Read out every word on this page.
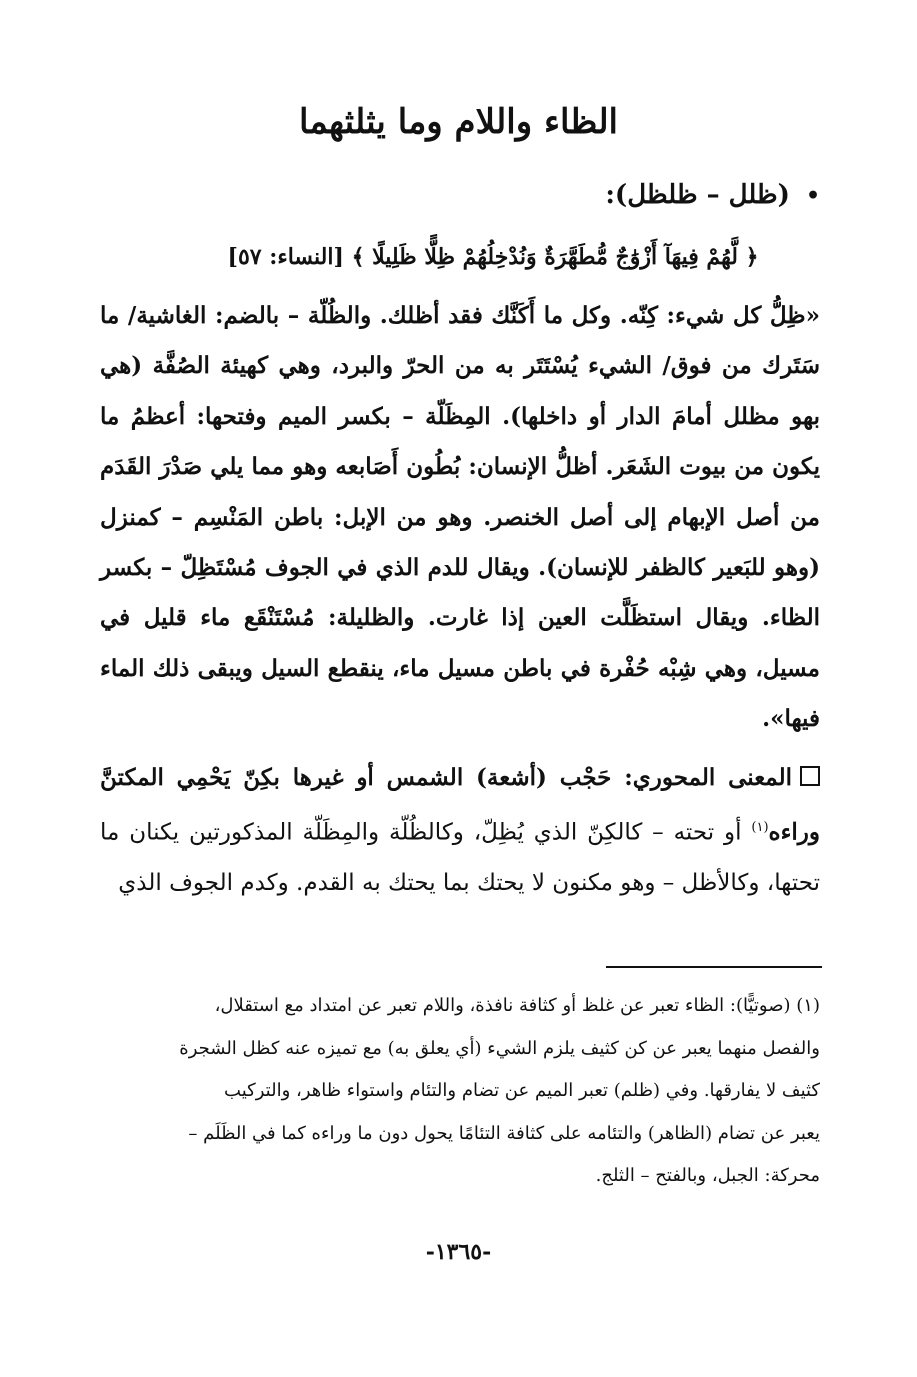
الظاء واللام وما يثلثهما
•(ظلل – ظلظل):
﴿ لَّهُمْ فِيهَآ أَزْوَٰجٌ مُّطَهَّرَةٌ وَنُدْخِلُهُمْ ظِلًّا ظَلِيلًا ﴾ [النساء: ٥٧]

«ظِلُّ كل شيء: كِنّه. وكل ما أَكَنَّك فقد أظلك. والظُلّة – بالضم: الغاشية/ ما سَتَرك من فوق/ الشيء يُسْتَتَر به من الحرّ والبرد، وهي كهيئة الصُفَّة (هي بهو مظلل أمامَ الدار أو داخلها). المِظَلّة – بكسر الميم وفتحها: أعظمُ ما يكون من بيوت الشَعَر. أظلُّ الإنسان: بُطُون أَصَابعه وهو مما يلي صَدْرَ القَدَم من أصل الإبهام إلى أصل الخنصر. وهو من الإبل: باطن المَنْسِم – كمنزل (وهو للبَعير كالظفر للإنسان). ويقال للدم الذي في الجوف مُسْتَظِلّ – بكسر الظاء. ويقال استظَلَّت العين إذا غارت. والظليلة: مُسْتَنْقَع ماء قليل في مسيل، وهي شِبْه حُفْرة في باطن مسيل ماء، ينقطع السيل ويبقى ذلك الماء فيها».

المعنى المحوري: حَجْب (أشعة) الشمس أو غيرها بكِنّ يَحْمِي المكتنَّ وراءه$^{(١)}$ أو تحته – كالكِنّ الذي يُظِلّ، وكالظُلّة والمِظَلّة المذكورتين يكنان ما تحتها، وكالأظل – وهو مكنون لا يحتك بما يحتك به القدم. وكدم الجوف الذي

(١) (صوتيًّا): الظاء تعبر عن غلظ أو كثافة نافذة، واللام تعبر عن امتداد مع استقلال،

والفصل منهما يعبر عن كن كثيف يلزم الشيء (أي يعلق به) مع تميزه عنه كظل الشجرة

كثيف لا يفارقها. وفي (ظلم) تعبر الميم عن تضام والتئام واستواء ظاهر، والتركيب

يعبر عن تضام (الظاهر) والتئامه على كثافة التئامًا يحول دون ما وراءه كما في الظَلَم –

محركة: الجبل، وبالفتح – الثلج.

-١٣٦٥-
